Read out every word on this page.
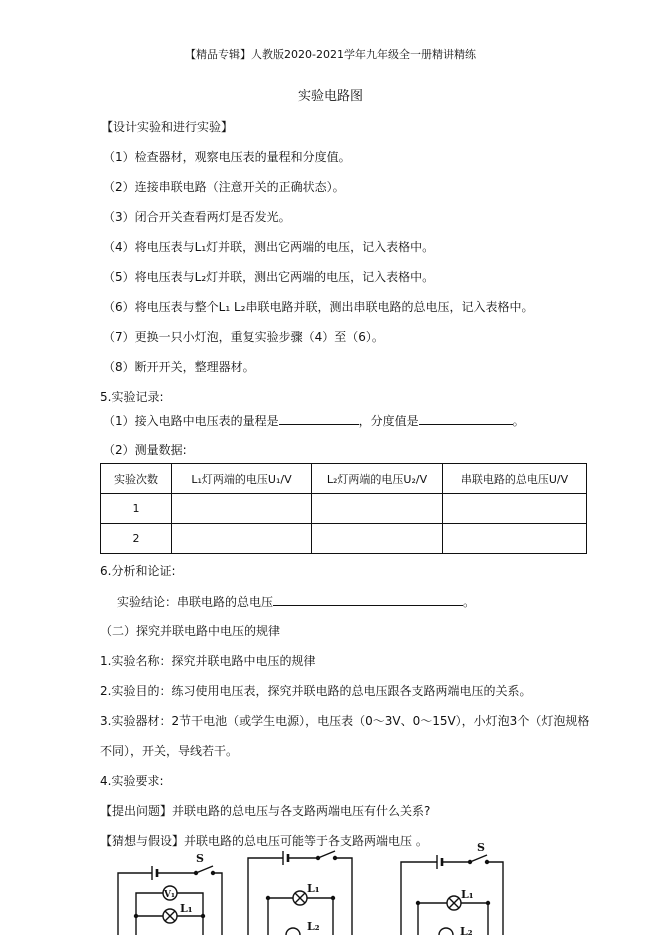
【精品专辑】人教版2020-2021学年九年级全一册精讲精练
实验电路图
【设计实验和进行实验】
（1）检查器材，观察电压表的量程和分度值。
（2）连接串联电路（注意开关的正确状态）。
（3）闭合开关查看两灯是否发光。
（4）将电压表与L₁灯并联，测出它两端的电压，记入表格中。
（5）将电压表与L₂灯并联，测出它两端的电压，记入表格中。
（6）将电压表与整个L₁ L₂串联电路并联，测出串联电路的总电压，记入表格中。
（7）更换一只小灯泡，重复实验步骤（4）至（6）。
（8）断开开关，整理器材。
5.实验记录:
（1）接入电路中电压表的量程是	，分度值是	。
（2）测量数据:
实验次数	L₁灯两端的电压U₁/V	L₂灯两端的电压U₂/V	串联电路的总电压U/V
1			
2			
6.分析和论证:
实验结论：串联电路的总电压	。
（二）探究并联电路中电压的规律
1.实验名称：探究并联电路中电压的规律
2.实验目的：练习使用电压表，探究并联电路的总电压跟各支路两端电压的关系。
3.实验器材：2节干电池（或学生电源），电压表（0～3V、0～15V），小灯泡3个（灯泡规格
不同），开关，导线若干。
4.实验要求:
【提出问题】并联电路的总电压与各支路两端电压有什么关系?
【猜想与假设】并联电路的总电压可能等于各支路两端电压 。
S
V₁
L₁
L₁
L₂
S
L₁
L₂
